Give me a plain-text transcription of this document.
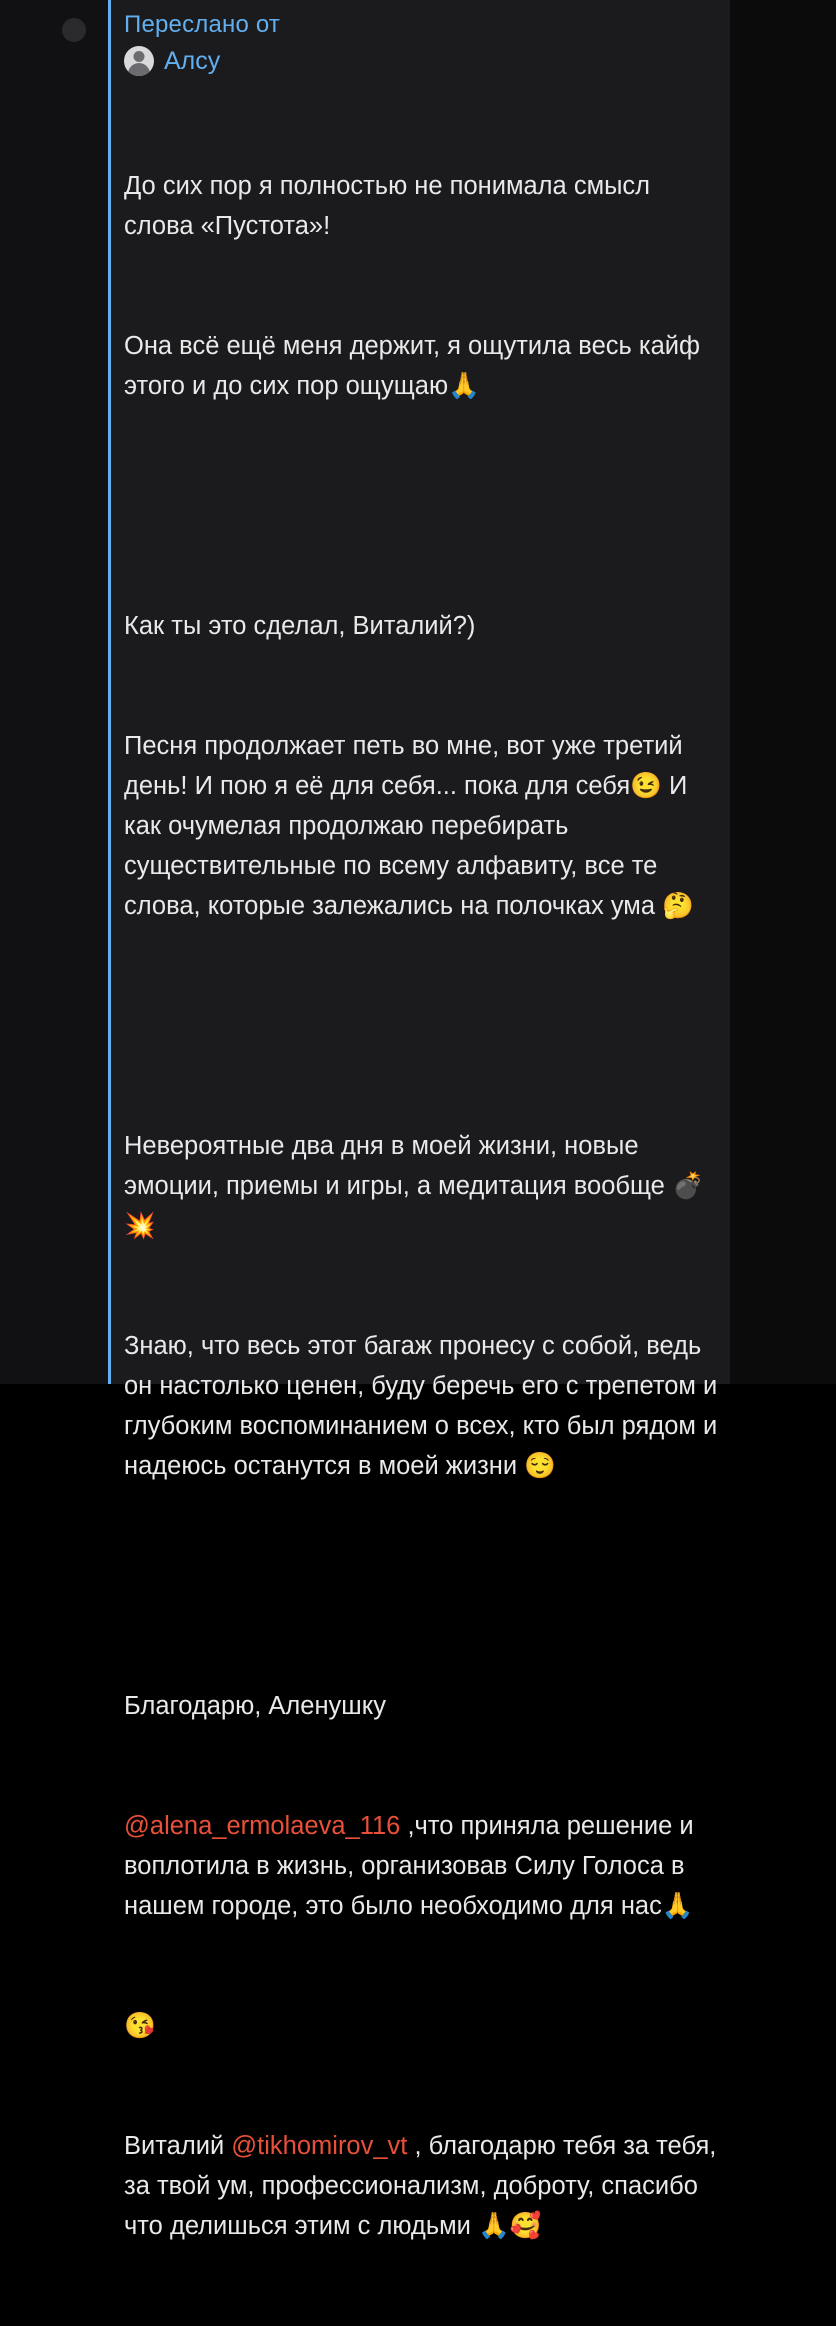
Переслано от
Алсу

До сих пор я полностью не понимала смысл слова «Пустота»!

Она всё ещё меня держит, я ощутила весь кайф этого и до сих пор ощущаю🙏

Как ты это сделал, Виталий?)

Песня продолжает петь во мне, вот уже третий день! И пою я её для себя... пока для себя😉 И как очумелая продолжаю перебирать существительные по всему алфавиту, все те слова, которые залежались на полочках ума 🤔

Невероятные два дня в моей жизни, новые эмоции, приемы и игры, а медитация вообще 💣💥

Знаю, что весь этот багаж пронесу с собой, ведь он настолько ценен, буду беречь его с трепетом и глубоким воспоминанием о всех, кто был рядом и надеюсь останутся в моей жизни 😌

Благодарю, Аленушку

@alena_ermolaeva_116 ,что приняла решение и воплотила в жизнь, организовав Силу Голоса в нашем городе, это было необходимо для нас🙏

😘

Виталий @tikhomirov_vt , благодарю тебя за тебя, за твой ум, профессионализм, доброту, спасибо что делишься этим с людьми 🙏🥰
